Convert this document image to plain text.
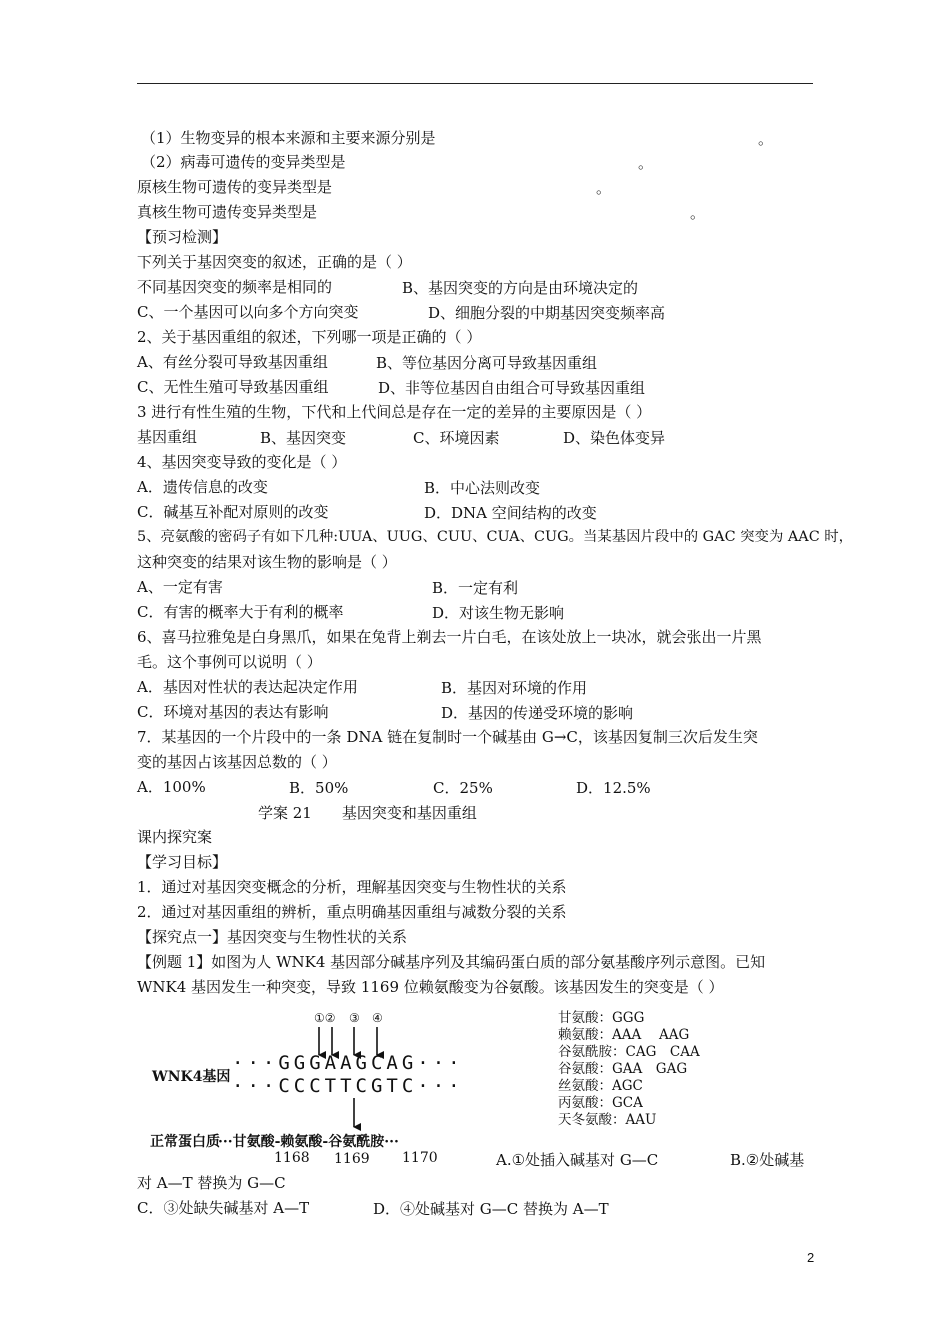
（1）生物变异的根本来源和主要来源分别是	。
（2）病毒可遗传的变异类型是	。
原核生物可遗传的变异类型是	。
真核生物可遗传变异类型是	。
【预习检测】
下列关于基因突变的叙述，正确的是（ ）
不同基因突变的频率是相同的	B、基因突变的方向是由环境决定的
C、一个基因可以向多个方向突变	D、细胞分裂的中期基因突变频率高
2、关于基因重组的叙述，下列哪一项是正确的（ ）
A、有丝分裂可导致基因重组	B、等位基因分离可导致基因重组
C、无性生殖可导致基因重组	D、非等位基因自由组合可导致基因重组
3 进行有性生殖的生物，下代和上代间总是存在一定的差异的主要原因是（ ）
基因重组	B、基因突变	C、环境因素	D、染色体变异
4、基因突变导致的变化是（ ）
A．遗传信息的改变	B．中心法则改变
C．碱基互补配对原则的改变	D．DNA 空间结构的改变
5、亮氨酸的密码子有如下几种:UUA、UUG、CUU、CUA、CUG。当某基因片段中的 GAC 突变为 AAC 时，
这种突变的结果对该生物的影响是（ ）
A、一定有害	B．一定有利
C．有害的概率大于有利的概率	D．对该生物无影响
6、喜马拉雅兔是白身黑爪，如果在兔背上剃去一片白毛，在该处放上一块冰，就会张出一片黑
毛。这个事例可以说明（ ）
A．基因对性状的表达起决定作用	B．基因对环境的作用
C．环境对基因的表达有影响	D．基因的传递受环境的影响
7．某基因的一个片段中的一条 DNA 链在复制时一个碱基由 G→C，该基因复制三次后发生突
变的基因占该基因总数的（ ）
A．100%	B．50%	C．25%	D．12.5%
学案 21　　基因突变和基因重组
课内探究案
【学习目标】
1．通过对基因突变概念的分析，理解基因突变与生物性状的关系
2．通过对基因重组的辨析，重点明确基因重组与减数分裂的关系
【探究点一】基因突变与生物性状的关系
【例题 1】如图为人 WNK4 基因部分碱基序列及其编码蛋白质的部分氨基酸序列示意图。已知
WNK4 基因发生一种突变，导致 1169 位赖氨酸变为谷氨酸。该基因发生的突变是（ ）
①② ③ ④
WNK4基因
···GGGAAGCAG···
···CCCTTCGTC···
正常蛋白质
···甘氨酸-赖氨酸-谷氨酰胺···
1168 1169 1170
甘氨酸：GGG
赖氨酸：AAA　 AAG
谷氨酰胺：CAG　CAA
谷氨酸：GAA　GAG
丝氨酸：AGC
丙氨酸：GCA
天冬氨酸：AAU
A.①处插入碱基对 G—C	B.②处碱基
对 A—T 替换为 G—C
C．③处缺失碱基对 A—T	D．④处碱基对 G—C 替换为 A—T
2
